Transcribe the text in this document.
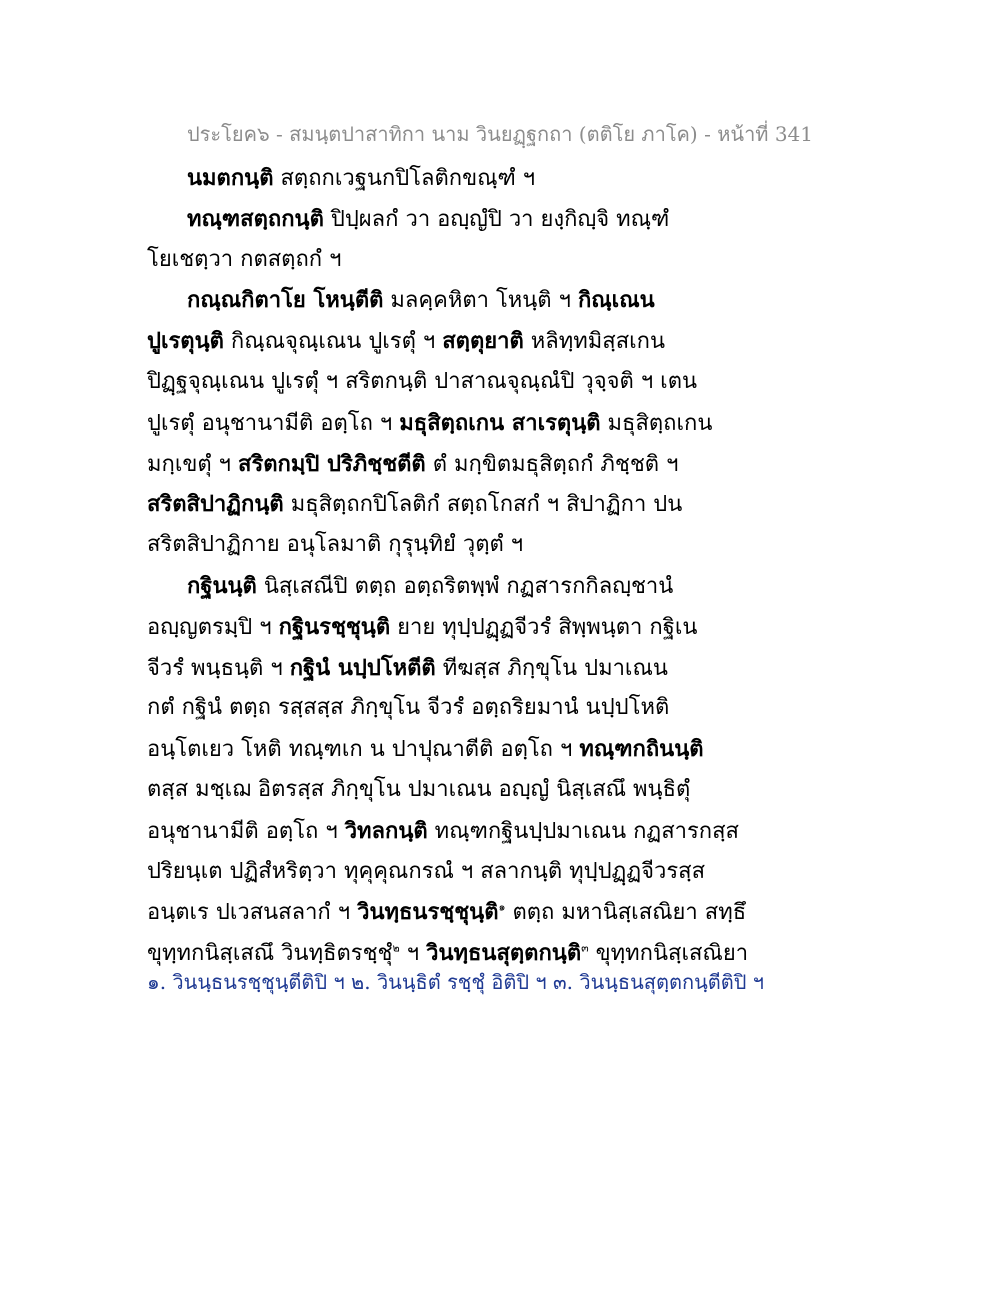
ประโยค๖ - สมนฺตปาสาทิกา นาม วินยฏฺฐกถา (ตติโย ภาโค) - หน้าที่ 341
นมตกนฺติ สตฺถกเวฐนกปิโลติกขณฺฑํ ฯ
ทณฺฑสตฺถกนฺติ ปิปฺผลกํ วา อญฺญํปิ วา ยงฺกิญฺจิ ทณฺฑํ
โยเชตฺวา กตสตฺถกํ ฯ
กณฺณกิตาโย โหนฺตีติ มลคฺคหิตา โหนฺติ ฯ กิณฺเณน
ปูเรตุนฺติ กิณฺณจุณฺเณน ปูเรตุํ ฯ สตฺตุยาติ หลิทฺทมิสฺสเกน
ปิฏฺฐจุณฺเณน ปูเรตุํ ฯ สริตกนฺติ ปาสาณจุณฺณํปิ วุจฺจติ ฯ เตน
ปูเรตุํ อนุชานามีติ อตฺโถ ฯ มธุสิตฺถเกน สาเรตุนฺติ มธุสิตฺถเกน
มกฺเขตุํ ฯ สริตกมฺปิ ปริภิชฺชตีติ ตํ มกฺขิตมธุสิตฺถกํ ภิชฺชติ ฯ
สริตสิปาฏิกนฺติ มธุสิตฺถกปิโลติกํ สตฺถโกสกํ ฯ สิปาฏิกา ปน
สริตสิปาฏิกาย อนุโลมาติ กุรุนฺทิยํ วุตฺตํ ฯ
กฐินนฺติ นิสฺเสณีปิ ตตฺถ อตฺถริตพฺพํ กฏสารกกิลญฺชานํ
อญฺญตรมฺปิ ฯ กฐินรชฺชุนฺติ ยาย ทุปฺปฏฺฏจีวรํ สิพฺพนฺตา กฐิเน
จีวรํ พนฺธนฺติ ฯ กฐินํ นปฺปโหตีติ ทีฆสฺส ภิกฺขุโน ปมาเณน
กตํ กฐินํ ตตฺถ รสฺสสฺส ภิกฺขุโน จีวรํ อตฺถริยมานํ นปฺปโหติ
อนฺโตเยว โหติ ทณฺฑเก น ปาปุณาตีติ อตฺโถ ฯ ทณฺฑกถินนฺติ
ตสฺส มชฺเฌ อิตรสฺส ภิกฺขุโน ปมาเณน อญฺญํ นิสฺเสณึ พนฺธิตุํ
อนุชานามีติ อตฺโถ ฯ วิทลกนฺติ ทณฺฑกฐินปฺปมาเณน กฏสารกสฺส
ปริยนฺเต ปฏิสํหริตฺวา ทุคุคุณกรณํ ฯ สลากนฺติ ทุปฺปฏฺฏจีวรสฺส
อนฺตเร ปเวสนสลากํ ฯ วินทฺธนรชฺชุนฺติ$^๑$ ตตฺถ มหานิสฺเสณิยา สทฺธึ
ขุทฺทกนิสฺเสณึ วินทฺธิตรชฺชุํ$^๒$ ฯ วินทฺธนสุตฺตกนฺติ$^๓$ ขุทฺทกนิสฺเสณิยา
๑. วินนฺธนรชฺชุนฺตีติปิ ฯ ๒. วินนฺธิตํ รชฺชุํ อิติปิ ฯ ๓. วินนฺธนสุตฺตกนฺตีติปิ ฯ
